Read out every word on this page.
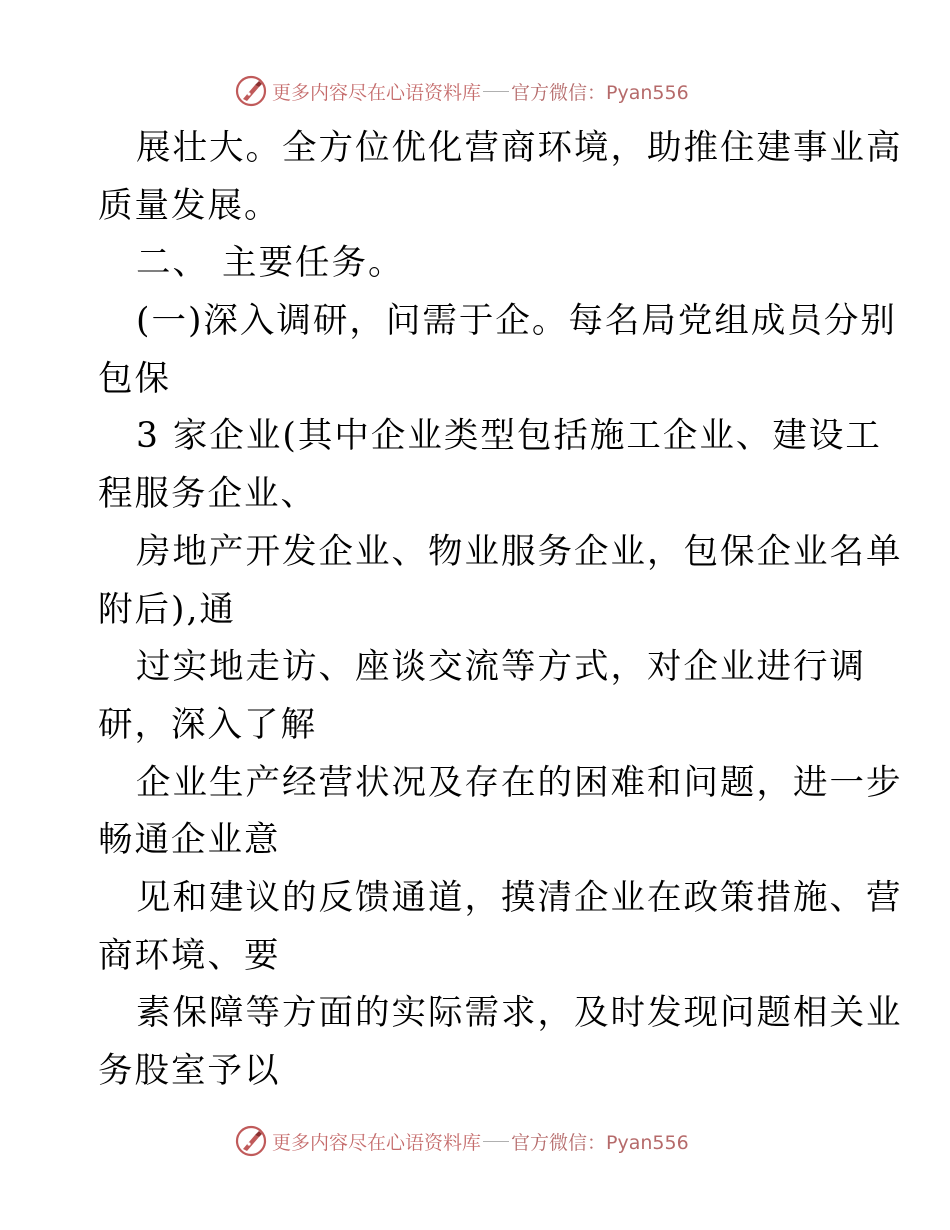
更多内容尽在心语资料库 官方微信：Pyan556
展壮大。全方位优化营商环境，助推住建事业高
质量发展。
二、 主要任务。
(一)深入调研，问需于企。每名局党组成员分别
包保
3 家企业(其中企业类型包括施工企业、建设工
程服务企业、
房地产开发企业、物业服务企业，包保企业名单
附后),通
过实地走访、座谈交流等方式，对企业进行调
研，深入了解
企业生产经营状况及存在的困难和问题，进一步
畅通企业意
见和建议的反馈通道，摸清企业在政策措施、营
商环境、要
素保障等方面的实际需求，及时发现问题相关业
务股室予以
更多内容尽在心语资料库 官方微信：Pyan556
